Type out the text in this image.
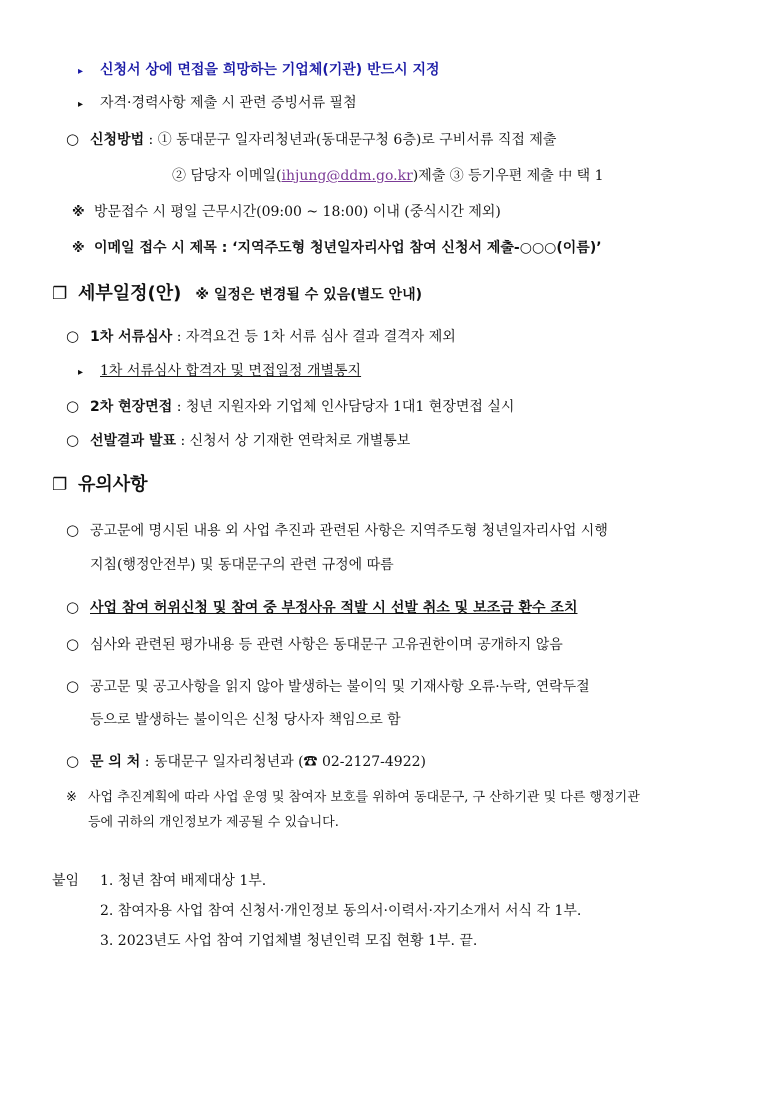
▸ 신청서 상에 면접을 희망하는 기업체(기관) 반드시 지정
▸ 자격·경력사항 제출 시 관련 증빙서류 필첨
○ 신청방법 : ① 동대문구 일자리청년과(동대문구청 6층)로 구비서류 직접 제출
② 담당자 이메일(ihjung@ddm.go.kr)제출 ③ 등기우편 제출 中 택 1
※ 방문접수 시 평일 근무시간(09:00 ~ 18:00) 이내 (중식시간 제외)
※ 이메일 접수 시 제목 : ‘지역주도형 청년일자리사업 참여 신청서 제출-○○○(이름)’
❐ 세부일정(안) ※ 일정은 변경될 수 있음(별도 안내)
○ 1차 서류심사 : 자격요건 등 1차 서류 심사 결과 결격자 제외
▸ 1차 서류심사 합격자 및 면접일정 개별통지
○ 2차 현장면접 : 청년 지원자와 기업체 인사담당자 1대1 현장면접 실시
○ 선발결과 발표 : 신청서 상 기재한 연락처로 개별통보
❐ 유의사항
○ 공고문에 명시된 내용 외 사업 추진과 관련된 사항은 지역주도형 청년일자리사업 시행
지침(행정안전부) 및 동대문구의 관련 규정에 따름
○ 사업 참여 허위신청 및 참여 중 부정사유 적발 시 선발 취소 및 보조금 환수 조치
○ 심사와 관련된 평가내용 등 관련 사항은 동대문구 고유권한이며 공개하지 않음
○ 공고문 및 공고사항을 읽지 않아 발생하는 불이익 및 기재사항 오류·누락, 연락두절
등으로 발생하는 불이익은 신청 당사자 책임으로 함
○ 문 의 처 : 동대문구 일자리청년과 (☎ 02-2127-4922)
※ 사업 추진계획에 따라 사업 운영 및 참여자 보호를 위하여 동대문구, 구 산하기관 및 다른 행정기관
등에 귀하의 개인정보가 제공될 수 있습니다.
붙임 1. 청년 참여 배제대상 1부.
2. 참여자용 사업 참여 신청서·개인정보 동의서·이력서·자기소개서 서식 각 1부.
3. 2023년도 사업 참여 기업체별 청년인력 모집 현황 1부. 끝.
